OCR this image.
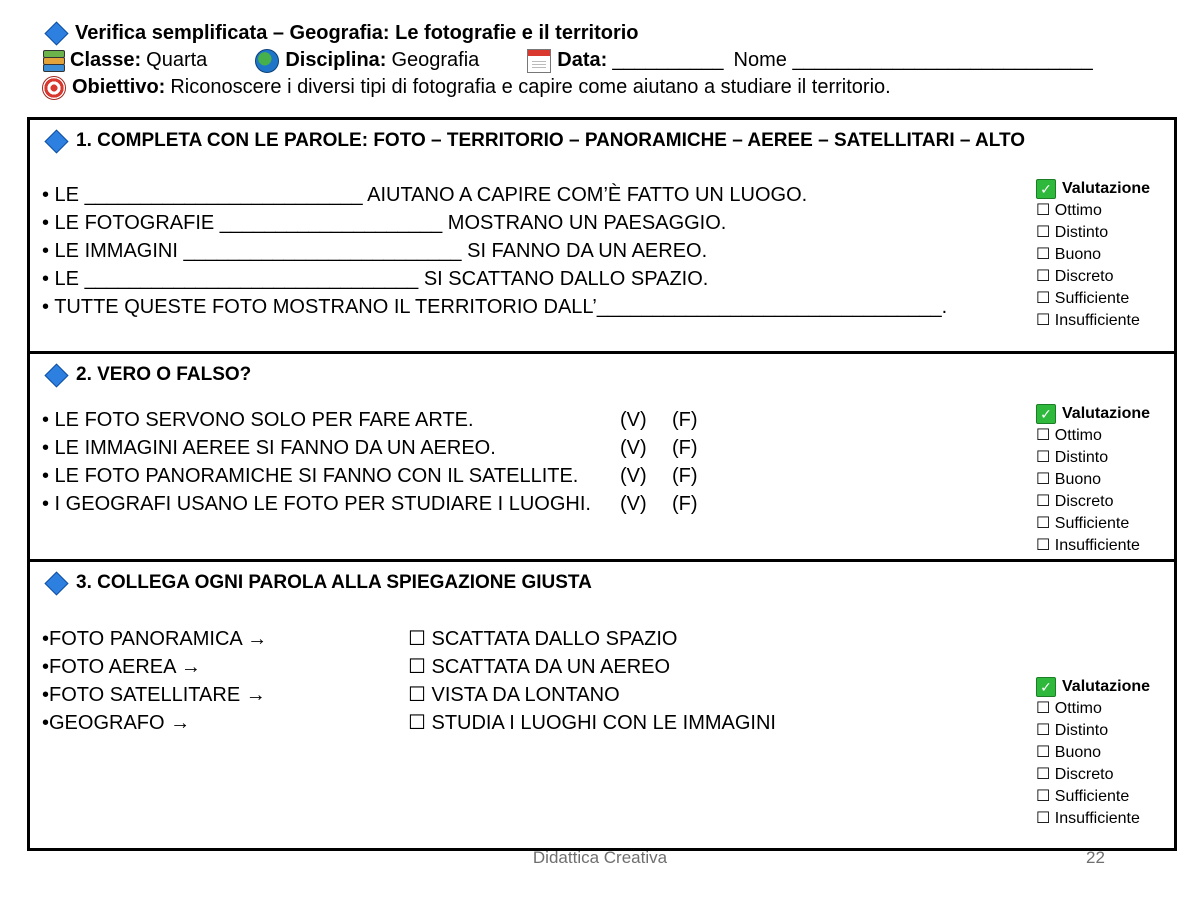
Verifica semplificata – Geografia: Le fotografie e il territorio
Classe: Quarta	Disciplina: Geografia	Data: __________ Nome ___________________________
Obiettivo: Riconoscere i diversi tipi di fotografia e capire come aiutano a studiare il territorio.
1. COMPLETA CON LE PAROLE: FOTO – TERRITORIO – PANORAMICHE – AEREE – SATELLITARI – ALTO
• LE _________________________ AIUTANO A CAPIRE COM’È FATTO UN LUOGO.
• LE FOTOGRAFIE ____________________ MOSTRANO UN PAESAGGIO.
• LE IMMAGINI _________________________ SI FANNO DA UN AEREO.
• LE ______________________________ SI SCATTANO DALLO SPAZIO.
• TUTTE QUESTE FOTO MOSTRANO IL TERRITORIO DALL’_______________________________.
✓ Valutazione
☐ Ottimo
☐ Distinto
☐ Buono
☐ Discreto
☐ Sufficiente
☐ Insufficiente
2. VERO O FALSO?
• LE FOTO SERVONO SOLO PER FARE ARTE.	(V)	(F)
• LE IMMAGINI AEREE SI FANNO DA UN AEREO.	(V)	(F)
• LE FOTO PANORAMICHE SI FANNO CON IL SATELLITE.	(V)	(F)
• I GEOGRAFI USANO LE FOTO PER STUDIARE I LUOGHI.	(V)	(F)
✓ Valutazione
☐ Ottimo
☐ Distinto
☐ Buono
☐ Discreto
☐ Sufficiente
☐ Insufficiente
3. COLLEGA OGNI PAROLA ALLA SPIEGAZIONE GIUSTA
•FOTO PANORAMICA →	☐ SCATTATA DALLO SPAZIO
•FOTO AEREA →	☐ SCATTATA DA UN AEREO
•FOTO SATELLITARE →	☐ VISTA DA LONTANO
•GEOGRAFO →	☐ STUDIA I LUOGHI CON LE IMMAGINI
✓ Valutazione
☐ Ottimo
☐ Distinto
☐ Buono
☐ Discreto
☐ Sufficiente
☐ Insufficiente
Didattica Creativa	22
